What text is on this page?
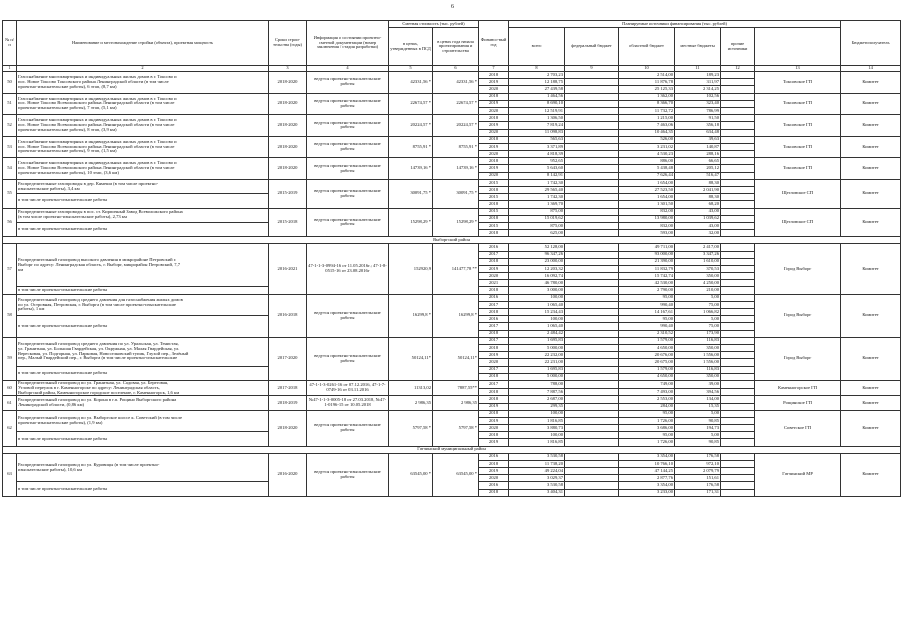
6
№ п/п	Наименование и местонахождение стройки (объекта), проектная мощность	Сроки строи-тельства (годы)	Информация о состоянии проектно-сметной документации (номер заключения / стадия разработки)	Сметная стоимость (тыс. рублей)		Финансо-вый год	Планируемые источники финансирования (тыс. рублей)						Бюджетополучатель	
				в ценах, утвержденных в ПСД	в ценах года начала проектирования и строительства		всего	федеральный бюджет	областной бюджет	местные бюджеты	прочие источники			
1	2	3	4	5	6	7	8	9	10	11	12	13	14	
50	Газоснабжение многоквартирных и индивидуальных жилых домов в г. Токсово и
пос. Новое Токсово Токсовского района Ленинградской области (в том числе
проектно-изыскательские работы), 6 этап, (8,7 км)	2018-2020	ведутся проектно-изыскательские работы	42331,56 *	42331,56 *	2018	2 703,23		2 514,00	189,23		Токсовское ГП	Комитет	
						2019	12 188,75		11 876,78	311,97				
						2020	27 439,58		25 125,33	2 314,25				
51	Газоснабжение многоквартирных и индивидуальных жилых домов в г. Токсово и
пос. Новое Токсово Всеволожского района Ленинградской области (в том числе
проектно-изыскательские работы), 7 этап, (5,1 км)	2018-2020	ведутся проектно-изыскательские работы	22674,57 *	22674,57 *	2018	1 464,56		1 362,00	102,56		Токсовское ГП	Комитет	
						2019	8 690,10		8 366,70	323,40				
						2020	12 519,91		11 732,72	786,99				
52	Газоснабжение многоквартирных и индивидуальных жилых домов в г. Токсово и
пос. Новое Токсово Всеволожского района Ленинградской области (в том числе
проектно-изыскательские работы), 8 этап, (3,9 км)	2018-2020	ведутся проектно-изыскательские работы	20224,57 *	20224,57 *	2018	1 306,50		1 215,00	91,50		Токсовское ГП	Комитет	
						2019	7 819,24		7 463,06	356,18				
						2020	11 098,83		10 464,35	634,48				
53	Газоснабжение многоквартирных и индивидуальных жилых домов в г. Токсово и
пос. Новое Токсово Всеволожского района Ленинградской области (в том числе
проектно-изыскательские работы), 9 этап, (1,5 км)	2018-2020	ведутся проектно-изыскательские работы	8755,91 *	8755,91 *	2018	565,63		526,00	39,63		Токсовское ГП	Комитет	
						2019	3 371,89		3 231,02	140,87				
						2020	4 818,39		4 530,23	288,16				
54	Газоснабжение многоквартирных и индивидуальных жилых домов в г. Токсово и
пос. Новое Токсово Всеволожского района Ленинградской области (в том числе
проектно-изыскательские работы), 10 этап, (3,6 км)	2018-2020	ведутся проектно-изыскательские работы	14739,16 *	14739,16 *	2018	952,65		886,00	66,65		Токсовское ГП	Комитет	
						2019	5 643,60		5 438,48	205,12				
						2020	8 142,91		7 626,44	516,47				
55	Распределительные газопроводы в дер. Кямеши (в том числе проектно-
изыскательские работы), 3,4 км	2015-2019	ведутся проектно-изыскательские работы	30091,75 *	30091,75 *	2015	1 742,30		1 654,00	88,30		Щегловское СП	Комитет	
						2018	29 565,40		27 523,50	2 041,90				
	в том числе проектно-изыскательские работы					2015	1 742,30		1 654,00	88,30				
						2018	1 369,70		1 301,50	68,20				
56	Распределительные газопроводы в пос. ст. Кирпичный Завод Всеволожского района
(в том числе проектно-изыскательские работы), 2,73 км	2015-2018	ведутся проектно-изыскательские работы	15298,29 *	15298,29 *	2015	875,00		832,00	43,00		Щегловское СП	Комитет	
						2018	15 019,62		13 980,00	1 039,62				
	в том числе проектно-изыскательские работы					2015	875,00		832,00	43,00				
						2018	625,00		593,00	32,00				
Выборгский район														
57	Распределительный газопровод высокого давления в микрорайоне Петровский г.
Выборг по адресу: Ленинградская область, г. Выборг, микрорайон Петровский, 7,7
км	2016-2021	47-1-1-3-0994-16 от 11.05.2016г.; 47-1-8-0515-16 от 23.08.2016г	152920,9	141477,78 **	2016	52 128,00		49 711,00	2 417,00		Город Выборг	Комитет	
						2017	96 347,26		93 000,00	3 347,26				
						2018	23 000,00		21 390,00	1 610,00				
						2019	12 203,32		11 832,79	370,53				
						2020	16 092,74		15 742,74	350,00				
						2021	46 780,00		42 530,00	4 250,00				
	в том числе проектно-изыскательские работы					2018	3 000,00		2 790,00	210,00				
58	Распределительный газопровод среднего давления для газоснабжения жилых домов
по ул. Островная, Петровская, г. Выборга (в том числе проектно-изыскательские
работы), 1 км	2016-2018	ведутся проектно-изыскательские работы	16299,8 *	16299,8 *	2016	100,00		95,00	5,00		Город Выборг	Комитет	
						2017	1 065,40		990,40	75,00				
						2018	15 234,43		14 167,61	1 066,82				
	в том числе проектно-изыскательские работы					2016	100,00		95,00	5,00				
						2017	1 065,40		990,40	75,00				
						2018	2 484,42		2 310,52	173,90				
59	Распределительный газопровод среднего давления по ул. Уральская, ул. Тенистая,
ул. Гранитная, ул. Большая Гвардейская, ул. Окружная, ул. Малая Гвардейская, ул.
Вересковая, ул. Подгорная, ул. Парковая, Новоселковский тупик, Глухой пер., Зелёный
пер., Малый Гвардейский пер., г. Выборга (в том числе проектно-изыскательские	2017-2020	ведутся проектно-изыскательские работы	50124,11*	50124,11*	2017	1 695,83		1 579,00	116,83		Город Выборг	Комитет	
						2018	5 000,00		4 650,00	350,00				
						2019	22 232,00		20 676,00	1 556,00				
						2020	22 231,00		20 675,00	1 556,00				
	в том числе проектно-изыскательские работы					2017	1 695,83		1 579,00	116,83				
						2018	5 000,00		4 650,00	350,00				
60	Распределительный газопровод по ул. Гранитная, ул. Садовая, ул. Береговая,
Угловой переулок в г. Каменногорске по адресу: Ленинградская область,
Выборгский район, Каменногорское городское поселение, г. Каменногорск, 1,6 км	2017-2018	47-1-1-3-0261-16 от 07.12.2016, 47-1-7-0749-16 от 03.11.2016	11313,02	7887,55**	2017	788,00		749,00	39,00		Каменногорское ГП	Комитет	
						2018	7 887,56		7 493,00	394,56				
61	Распределительный газопровод по ул. Корона в г.п. Рощино Выборгского района
Ленинградской области, (0,86 км)	2018-2019	№47-1-1-3-0005-18 от 27.03.2018, №47-1-0196-15 от 10.05.2018	2 986,35	2 986,35	2018	2 687,00		2 553,00	134,00		Рощинское ГП	Комитет	
						2019	299,35		284,00	15,35				
62	Распределительный газопровод по ул. Выборгское шоссе к. Советский (в том числе
проектно-изыскательские работы), (1,9 км)	2018-2020	ведутся проектно-изыскательские работы	5797,58 *	5797,58 *	2018	100,00		95,00	5,00		Советское ГП	Комитет	
						2019	1 816,85		1 726,00	90,85				
						2020	3 880,73		3 686,00	194,73				
	в том числе проектно-изыскательские работы					2018	100,00		95,00	5,00				
						2019	1 816,85		1 726,00	90,85				
Гатчинский муниципальный район														
63	Распределительный газопровод по ул. Куровицы (в том числе проектно-
изыскательские работы), 10,6 км	2016-2020	ведутся проектно-изыскательские работы	63545,00 *	63545,00 *	2016	3 530,58		3 354,00	176,58		Гатчинский МР	Комитет	
						2018	11 738,20		10 766,10	972,10				
						2019	49 224,04		47 144,25	2 079,79				
						2020	3 029,37		2 877,76	151,61				
	в том числе проектно-изыскательские работы					2016	3 530,58		3 354,00	176,58				
						2018	3 404,31		3 233,00	171,31				
